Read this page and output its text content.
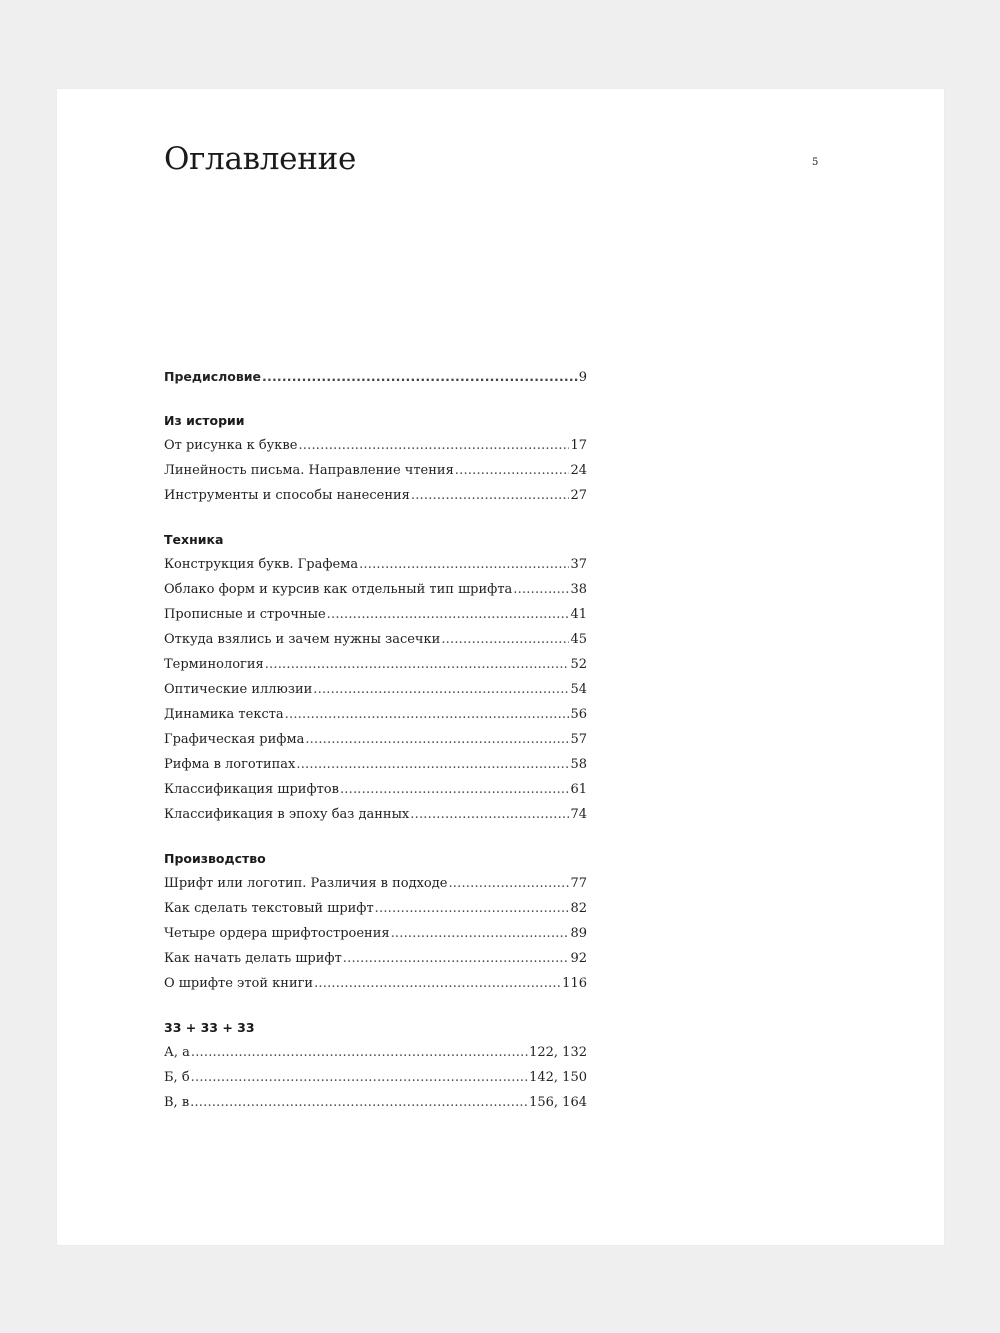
Оглавление	5
Предисловие .....	9
Из истории
От рисунка к букве .....	17
Линейность письма. Направление чтения .....	24
Инструменты и способы нанесения .....	27
Техника
Конструкция букв. Графема .....	37
Облако форм и курсив как отдельный тип шрифта .....	38
Прописные и строчные .....	41
Откуда взялись и зачем нужны засечки .....	45
Терминология .....	52
Оптические иллюзии .....	54
Динамика текста .....	56
Графическая рифма .....	57
Рифма в логотипах .....	58
Классификация шрифтов .....	61
Классификация в эпоху баз данных .....	74
Производство
Шрифт или логотип. Различия в подходе .....	77
Как сделать текстовый шрифт .....	82
Четыре ордера шрифтостроения .....	89
Как начать делать шрифт .....	92
О шрифте этой книги .....	116
33 + 33 + 33
А, а .....	122, 132
Б, б .....	142, 150
В, в .....	156, 164
